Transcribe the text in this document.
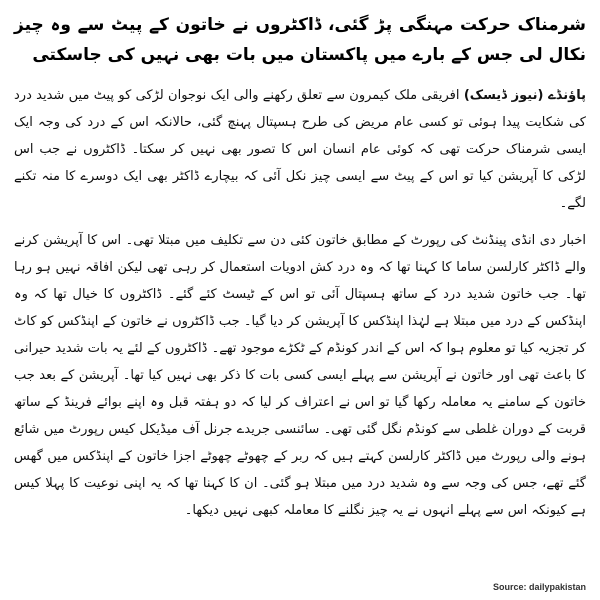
شرمناک حرکت مہنگی پڑ گئی، ڈاکٹروں نے خاتون کے پیٹ سے وہ چیز نکال لی جس کے بارے میں پاکستان میں بات بھی نہیں کی جاسکتی

پاؤنڈے (نیوز ڈیسک) افریقی ملک کیمرون سے تعلق رکھنے والی ایک نوجوان لڑکی کو پیٹ میں شدید درد کی شکایت پیدا ہوئی تو کسی عام مریض کی طرح ہسپتال پہنچ گئی، حالانکہ اس کے درد کی وجہ ایک ایسی شرمناک حرکت تھی کہ کوئی عام انسان اس کا تصور بھی نہیں کر سکتا۔ ڈاکٹروں نے جب اس لڑکی کا آپریشن کیا تو اس کے پیٹ سے ایسی چیز نکل آئی کہ بیچارے ڈاکٹر بھی ایک دوسرے کا منہ تکنے لگے۔

اخبار دی انڈی پینڈنٹ کی رپورٹ کے مطابق خاتون کئی دن سے تکلیف میں مبتلا تھی۔ اس کا آپریشن کرنے والے ڈاکٹر کارلسن ساما کا کہنا تھا کہ وہ درد کش ادویات استعمال کر رہی تھی لیکن افاقہ نہیں ہو رہا تھا۔ جب خاتون شدید درد کے ساتھ ہسپتال آئی تو اس کے ٹیسٹ کئے گئے۔ ڈاکٹروں کا خیال تھا کہ وہ اپنڈکس کے درد میں مبتلا ہے لہٰذا اپنڈکس کا آپریشن کر دیا گیا۔ جب ڈاکٹروں نے خاتون کے اپنڈکس کو کاٹ کر تجزیہ کیا تو معلوم ہوا کہ اس کے اندر کونڈم کے ٹکڑے موجود تھے۔ ڈاکٹروں کے لئے یہ بات شدید حیرانی کا باعث تھی اور خاتون نے آپریشن سے پہلے ایسی کسی بات کا ذکر بھی نہیں کیا تھا۔ آپریشن کے بعد جب خاتون کے سامنے یہ معاملہ رکھا گیا تو اس نے اعتراف کر لیا کہ دو ہفتہ قبل وہ اپنے بوائے فرینڈ کے ساتھ قربت کے دوران غلطی سے کونڈم نگل گئی تھی۔ سائنسی جریدے جرنل آف میڈیکل کیس رپورٹ میں شائع ہونے والی رپورٹ میں ڈاکٹر کارلسن کہتے ہیں کہ ربر کے چھوٹے چھوٹے اجزا خاتون کے اپنڈکس میں گھس گئے تھے، جس کی وجہ سے وہ شدید درد میں مبتلا ہو گئی۔ ان کا کہنا تھا کہ یہ اپنی نوعیت کا پہلا کیس ہے کیونکہ اس سے پہلے انہوں نے یہ چیز نگلنے کا معاملہ کبھی نہیں دیکھا۔

Source: dailypakistan
